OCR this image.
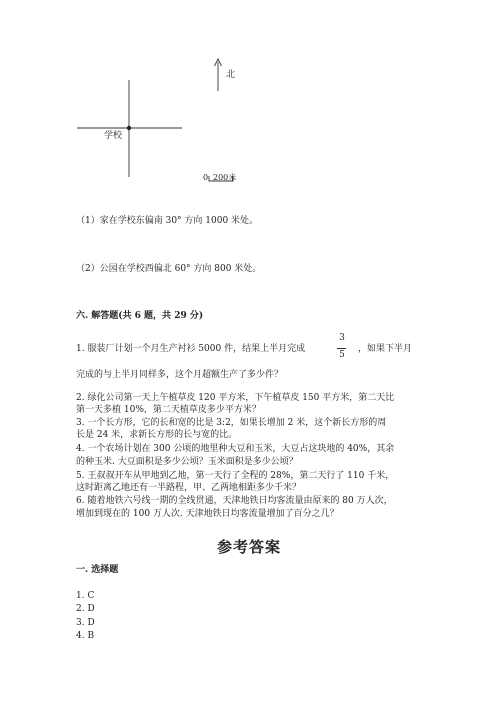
北
学校
0 200米
（1）家在学校东偏南 30° 方向 1000 米处。
（2）公园在学校西偏北 60° 方向 800 米处。
六. 解答题(共 6 题，共 29 分)
1. 服装厂计划一个月生产衬衫 5000 件，结果上半月完成
3
5
，如果下半月
完成的与上半月同样多，这个月超额生产了多少件？
2. 绿化公司第一天上午植草皮 120 平方米，下午植草皮 150 平方米，第二天比
第一天多植 10%，第二天植草皮多少平方米？
3. 一个长方形，它的长和宽的比是 3:2，如果长增加 2 米，这个新长方形的周
长是 24 米，求新长方形的长与宽的比。
4. 一个农场计划在 300 公顷的地里种大豆和玉米，大豆占这块地的 40%，其余
的种玉米. 大豆面积是多少公顷？玉米面积是多少公顷？
5. 王叔叔开车从甲地到乙地，第一天行了全程的 28%，第二天行了 110 千米，
这时距离乙地还有一半路程，甲、乙两地相距多少千米？
6. 随着地铁六号线一期的全线贯通，天津地铁日均客流量由原来的 80 万人次，
增加到现在的 100 万人次. 天津地铁日均客流量增加了百分之几？
参考答案
一. 选择题
1. C
2. D
3. D
4. B
